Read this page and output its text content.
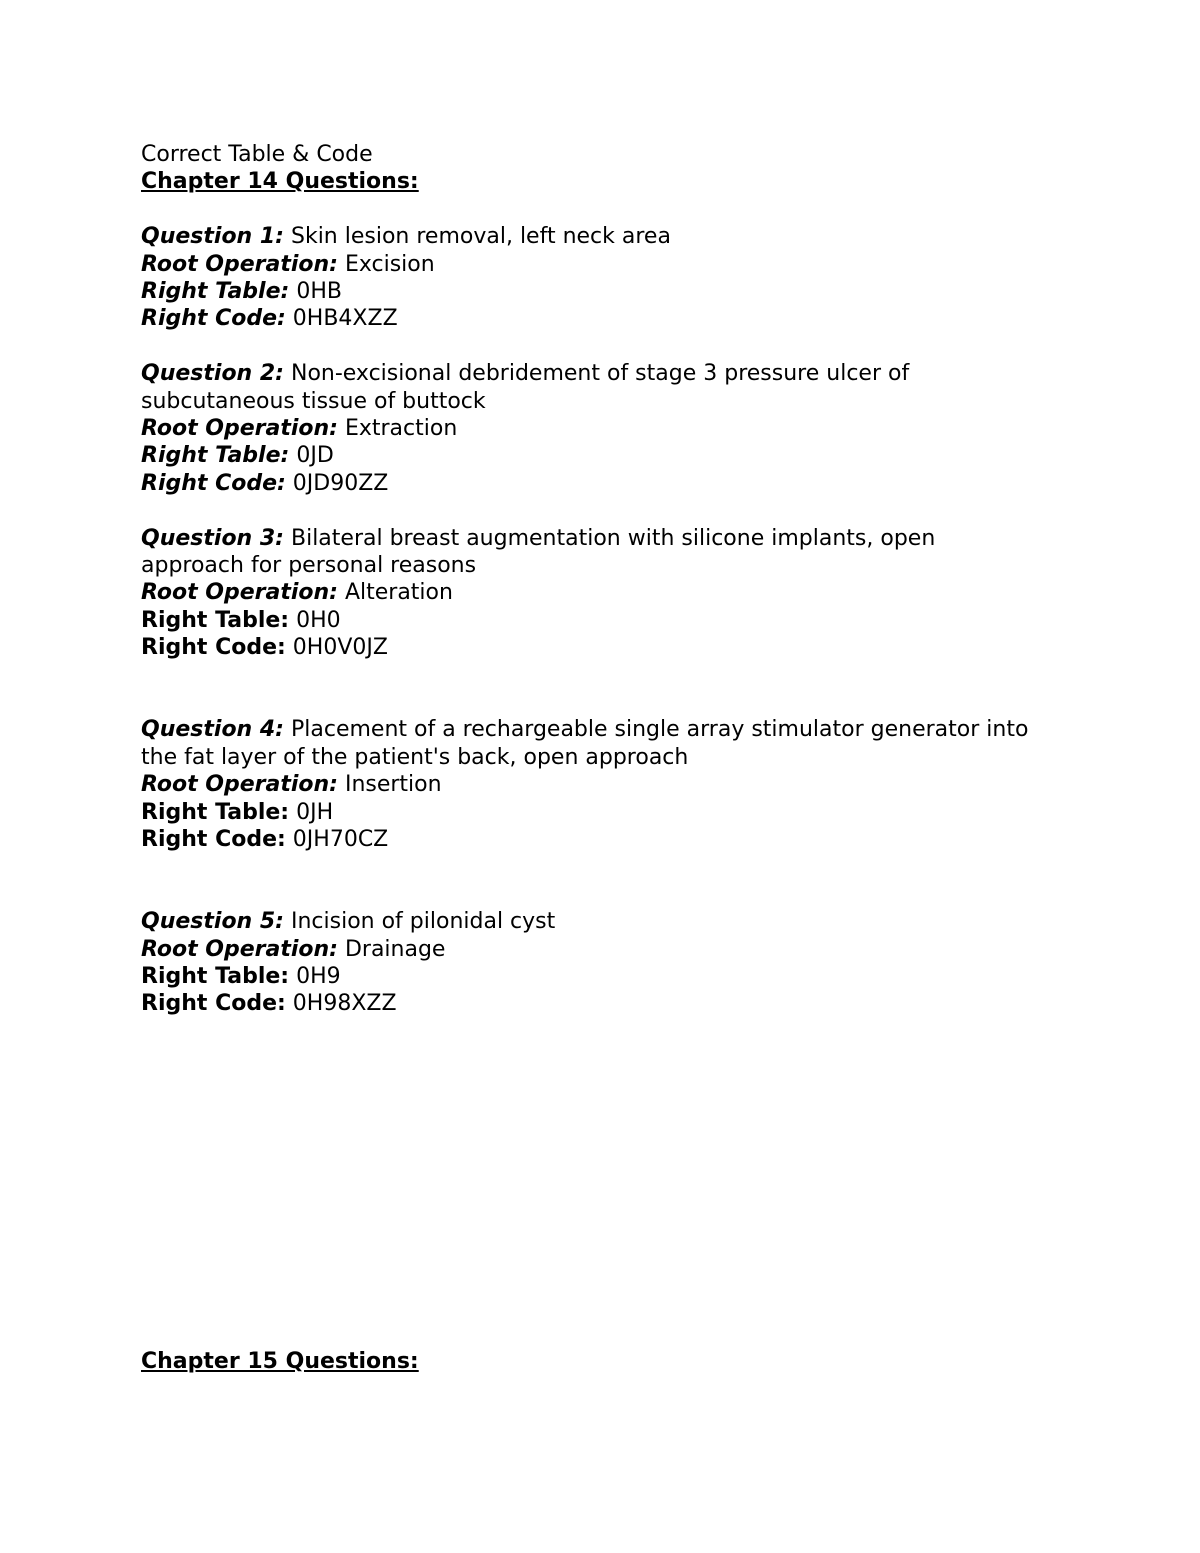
Correct Table & Code
Chapter 14 Questions:
Question 1: Skin lesion removal, left neck area
Root Operation: Excision
Right Table: 0HB
Right Code: 0HB4XZZ
Question 2: Non-excisional debridement of stage 3 pressure ulcer of subcutaneous tissue of buttock
Root Operation: Extraction
Right Table: 0JD
Right Code: 0JD90ZZ
Question 3: Bilateral breast augmentation with silicone implants, open approach for personal reasons
Root Operation: Alteration
Right Table: 0H0
Right Code: 0H0V0JZ
Question 4: Placement of a rechargeable single array stimulator generator into the fat layer of the patient's back, open approach
Root Operation: Insertion
Right Table: 0JH
Right Code: 0JH70CZ
Question 5: Incision of pilonidal cyst
Root Operation: Drainage
Right Table: 0H9
Right Code: 0H98XZZ
Chapter 15 Questions:
